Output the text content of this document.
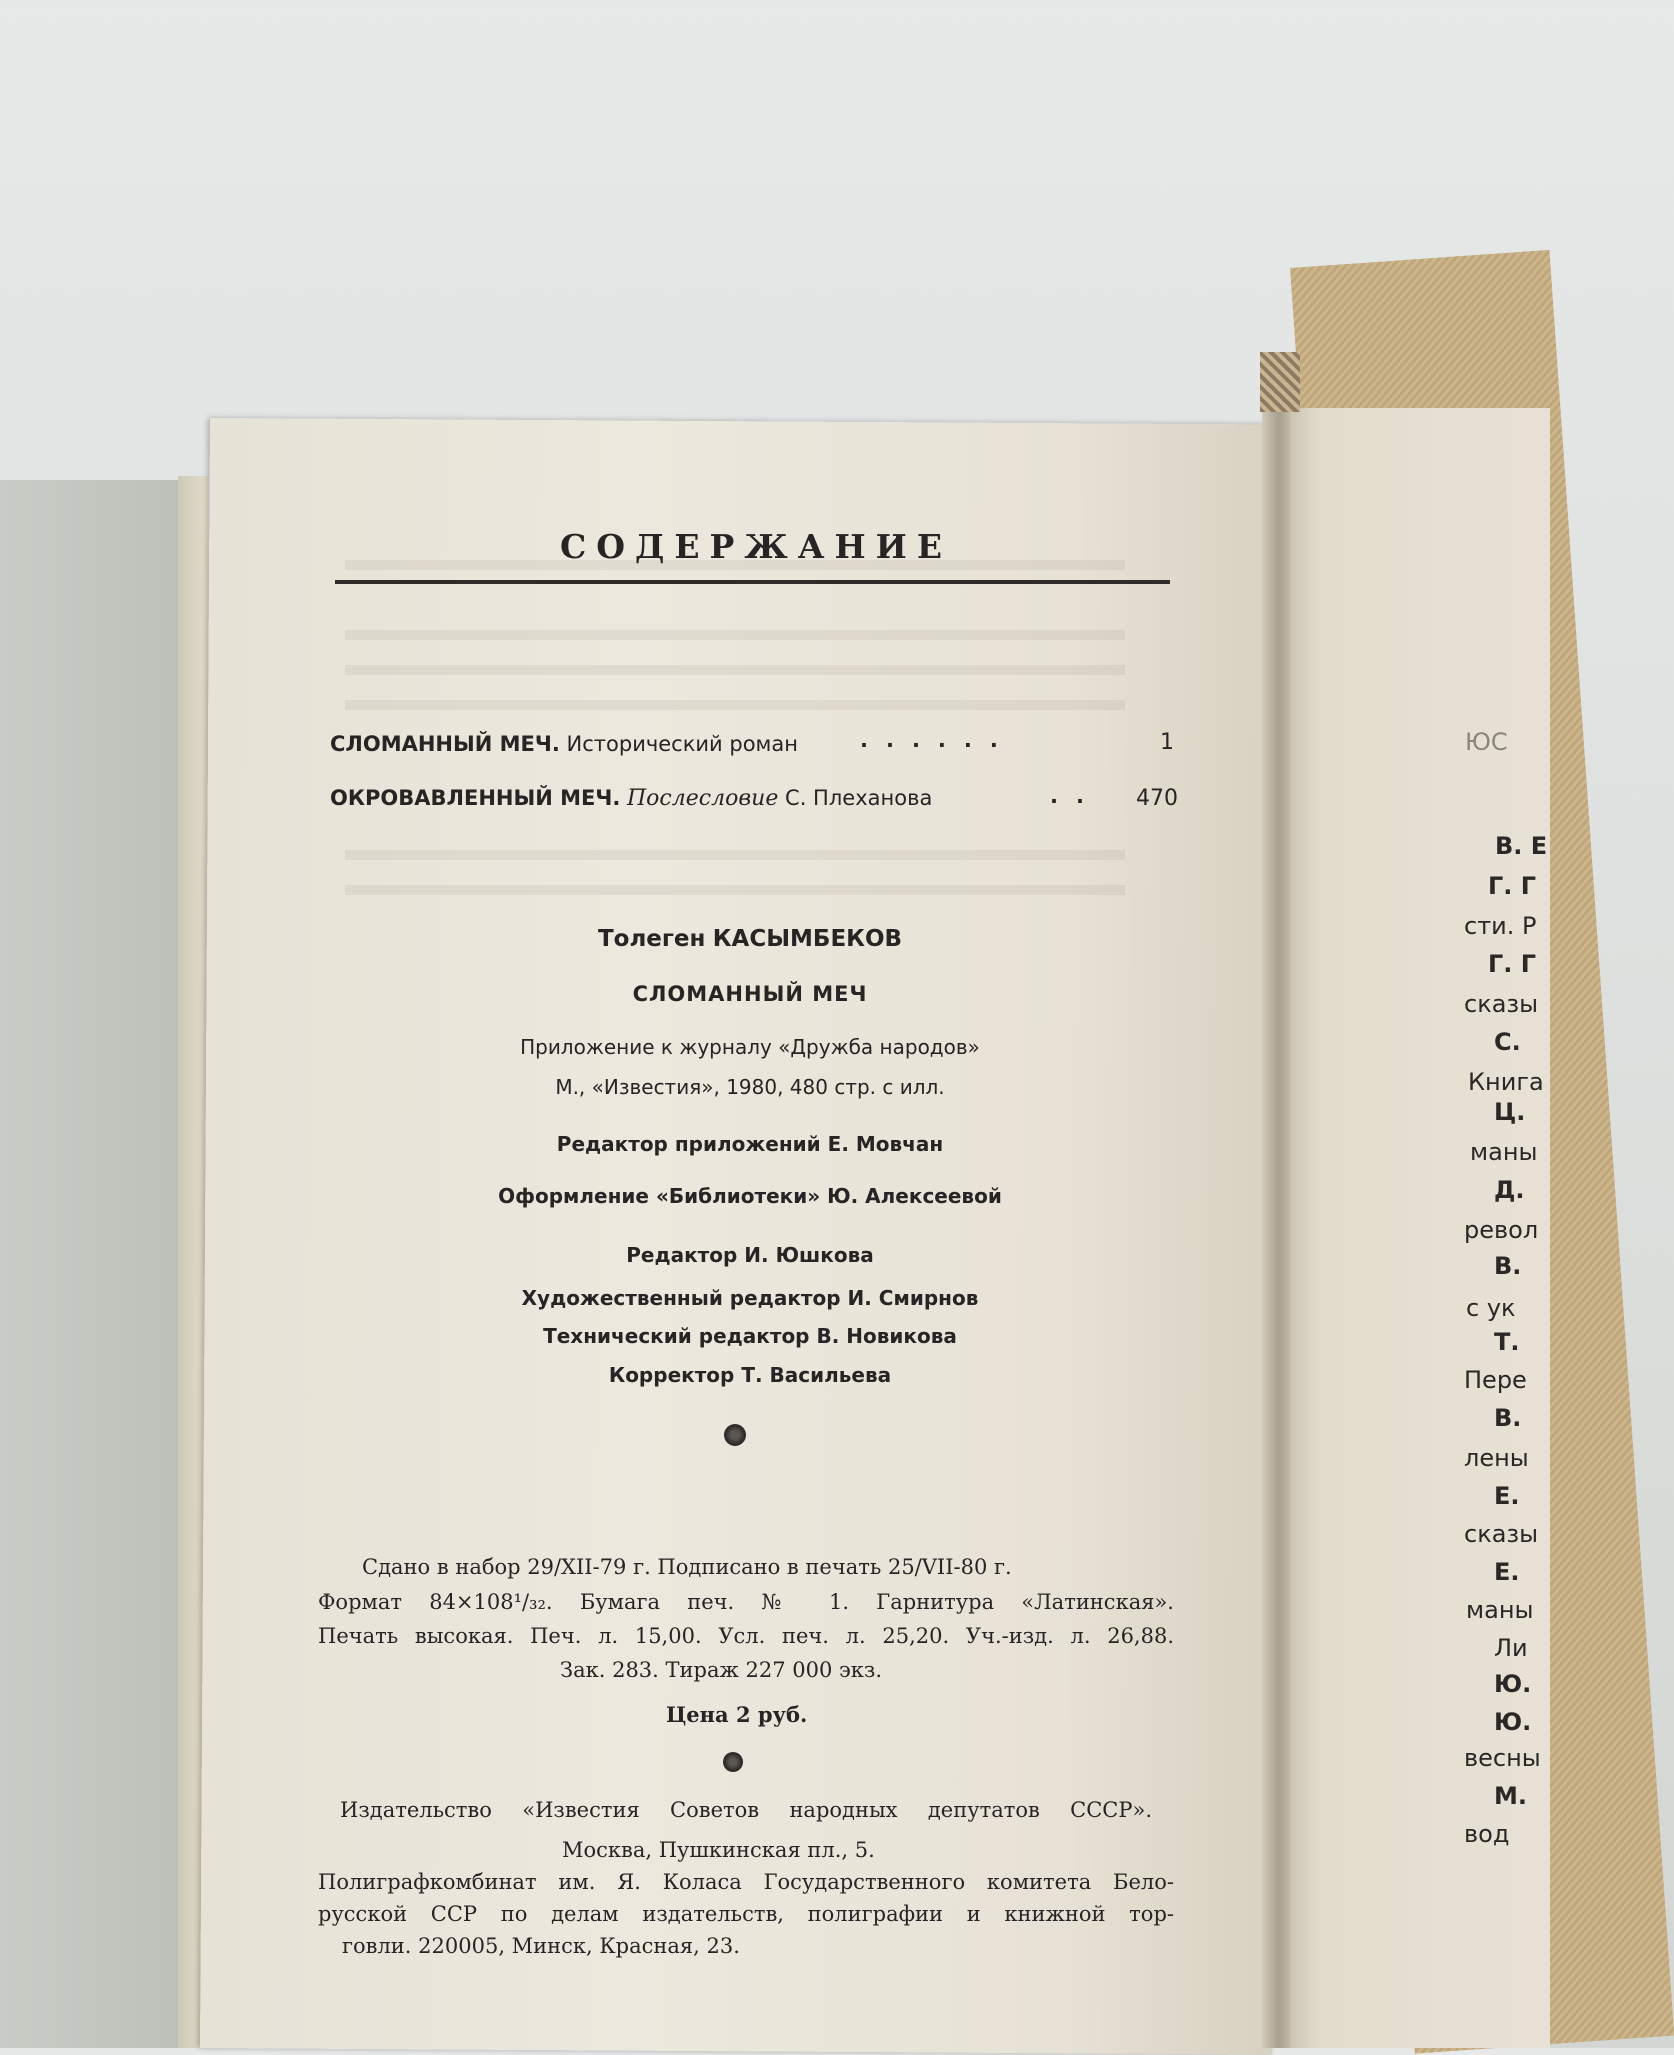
СОДЕРЖАНИЕ
СЛОМАННЫЙ МЕЧ. Исторический роман	......	1
ОКРОВАВЛЕННЫЙ МЕЧ. Послесловие С. Плеханова	.. 470
Толеген КАСЫМБЕКОВ
СЛОМАННЫЙ МЕЧ
Приложение к журналу «Дружба народов»
М., «Известия», 1980, 480 стр. с илл.
Редактор приложений Е. Мовчан
Оформление «Библиотеки» Ю. Алексеевой
Редактор И. Юшкова
Художественный редактор И. Смирнов
Технический редактор В. Новикова
Корректор Т. Васильева
Сдано в набор 29/XII-79 г. Подписано в печать 25/VII-80 г.
Формат 84×108¹/₃₂. Бумага печ. № 1. Гарнитура «Латинская».
Печать высокая. Печ. л. 15,00. Усл. печ. л. 25,20. Уч.-изд. л. 26,88.
Зак. 283. Тираж 227 000 экз.
Цена 2 руб.
Издательство «Известия Советов народных депутатов СССР».
Москва, Пушкинская пл., 5.
Полиграфкомбинат им. Я. Коласа Государственного комитета Бело-
русской ССР по делам издательств, полиграфии и книжной тор-
говли. 220005, Минск, Красная, 23.
ЮС
В. Е
Г. Г
сти. Р
Г. Г
сказы
С.
Книга
Ц.
маны
Д.
револ
В.
с ук
Т.
Пере
В.
лены
Е.
сказы
Е.
маны
Ли
Ю.
Ю.
весны
М.
вод
